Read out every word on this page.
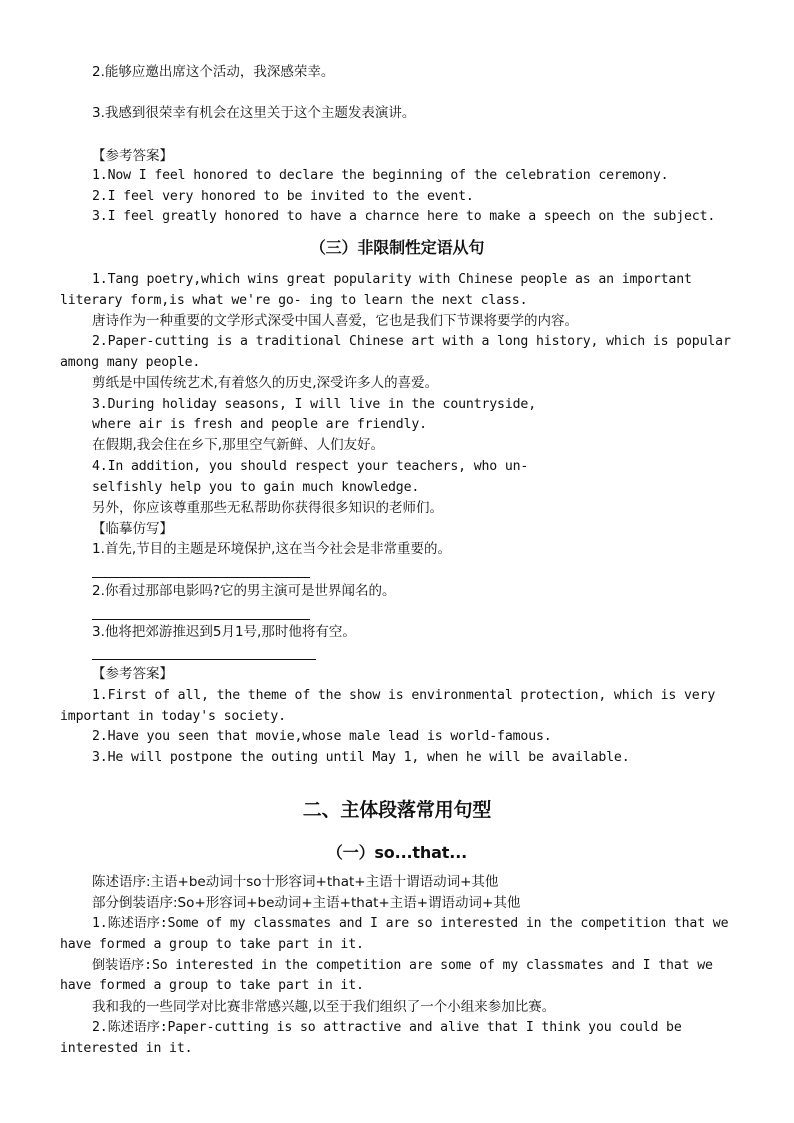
2.能够应邀出席这个活动，我深感荣幸。
3.我感到很荣幸有机会在这里关于这个主题发表演讲。
【参考答案】
1.Now I feel honored to declare the beginning of the celebration ceremony.
2.I feel very honored to be invited to the event.
3.I feel greatly honored to have a charnce here to make a speech on the subject.
（三）非限制性定语从句
1.Tang poetry,which wins great popularity with Chinese people as an important
literary form,is what we're go- ing to learn the next class.
唐诗作为一种重要的文学形式深受中国人喜爱，它也是我们下节课将要学的内容。
2.Paper-cutting is a traditional Chinese art with a long history, which is popular
among many people.
剪纸是中国传统艺术,有着悠久的历史,深受许多人的喜爱。
3.During holiday seasons, I will live in the countryside,
where air is fresh and people are friendly.
在假期,我会住在乡下,那里空气新鲜、人们友好。
4.In addition, you should respect your teachers, who un-
selfishly help you to gain much knowledge.
另外，你应该尊重那些无私帮助你获得很多知识的老师们。
【临摹仿写】
1.首先,节目的主题是环境保护,这在当今社会是非常重要的。
2.你看过那部电影吗?它的男主演可是世界闻名的。
3.他将把郊游推迟到5月1号,那时他将有空。
【参考答案】
1.First of all, the theme of the show is environmental protection, which is very
important in today's society.
2.Have you seen that movie,whose male lead is world-famous.
3.He will postpone the outing until May 1, when he will be available.
二、主体段落常用句型
（一）so...that...
陈述语序:主语+be动词十so十形容词+that+主语十谓语动词+其他
部分倒装语序:So+形容词+be动词+主语+that+主语+谓语动词+其他
1.陈述语序:Some of my classmates and I are so interested in the competition that we
have formed a group to take part in it.
倒装语序:So interested in the competition are some of my classmates and I that we
have formed a group to take part in it.
我和我的一些同学对比赛非常感兴趣,以至于我们组织了一个小组来参加比赛。
2.陈述语序:Paper-cutting is so attractive and alive that I think you could be
interested in it.
